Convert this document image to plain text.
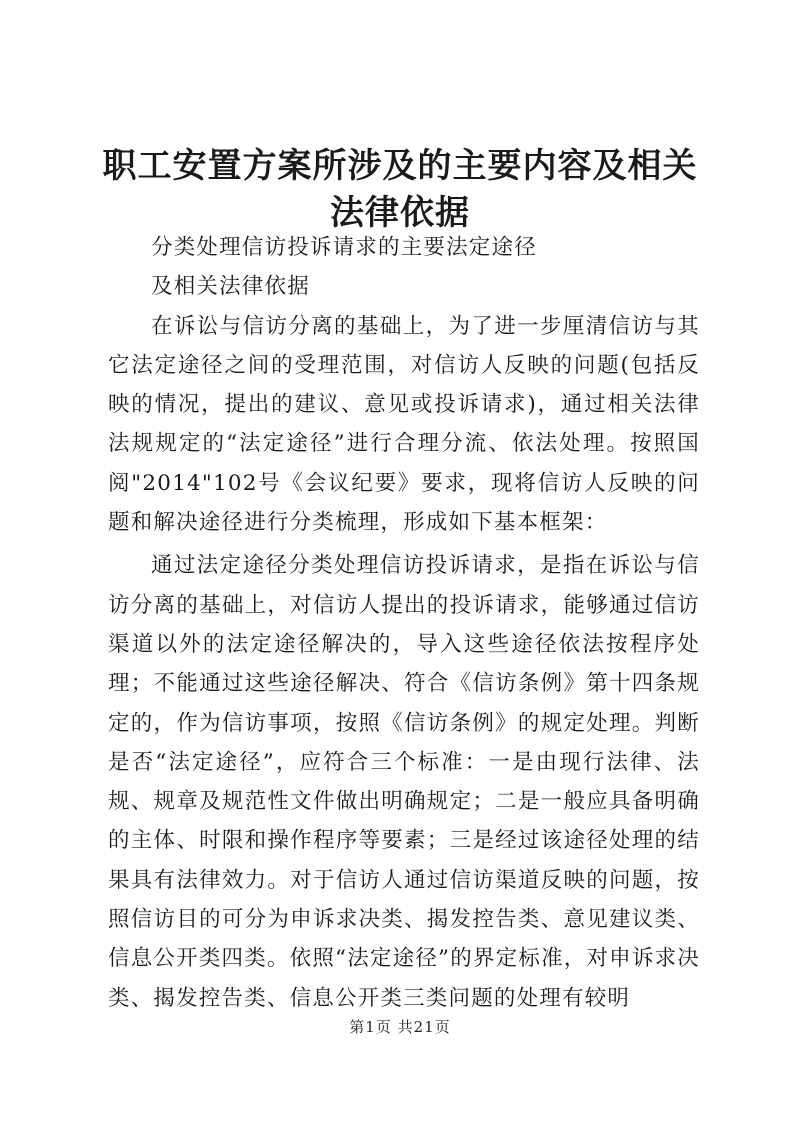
职工安置方案所涉及的主要内容及相关法律依据

分类处理信访投诉请求的主要法定途径

及相关法律依据

在诉讼与信访分离的基础上，为了进一步厘清信访与其它法定途径之间的受理范围，对信访人反映的问题(包括反映的情况，提出的建议、意见或投诉请求)，通过相关法律法规规定的“法定途径”进行合理分流、依法处理。按照国阅"2014"102号《会议纪要》要求，现将信访人反映的问题和解决途径进行分类梳理，形成如下基本框架：

通过法定途径分类处理信访投诉请求，是指在诉讼与信访分离的基础上，对信访人提出的投诉请求，能够通过信访渠道以外的法定途径解决的，导入这些途径依法按程序处理；不能通过这些途径解决、符合《信访条例》第十四条规定的，作为信访事项，按照《信访条例》的规定处理。判断是否“法定途径”，应符合三个标准：一是由现行法律、法规、规章及规范性文件做出明确规定；二是一般应具备明确的主体、时限和操作程序等要素；三是经过该途径处理的结果具有法律效力。对于信访人通过信访渠道反映的问题，按照信访目的可分为申诉求决类、揭发控告类、意见建议类、信息公开类四类。依照“法定途径”的界定标准，对申诉求决类、揭发控告类、信息公开类三类问题的处理有较明

第1页 共21页
